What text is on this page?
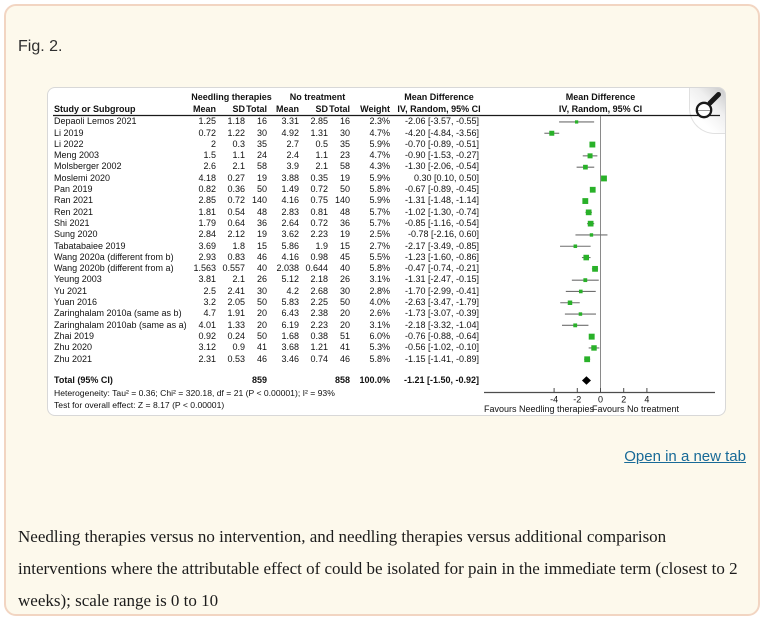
Fig. 2.
Needling therapies	No treatment	Mean Difference	Mean Difference
Study or Subgroup	Mean	SD Total Mean	SD Total	Weight IV, Random, 95% CI	IV, Random, 95% CI
Depaoli Lemos 2021	1.25	1.18	16	3.31	2.85	16	2.3%	-2.06 [-3.57, -0.55]
Li 2019	0.72	1.22	30	4.92	1.31	30	4.7%	-4.20 [-4.84, -3.56]
Li 2022	2	0.3	35	2.7	0.5	35	5.9%	-0.70 [-0.89, -0.51]
Meng 2003	1.5	1.1	24	2.4	1.1	23	4.7%	-0.90 [-1.53, -0.27]
Molsberger 2002	2.6	2.1	58	3.9	2.1	58	4.3%	-1.30 [-2.06, -0.54]
Moslemi 2020	4.18	0.27	19	3.88	0.35	19	5.9%	0.30 [0.10, 0.50]
Pan 2019	0.82	0.36	50	1.49	0.72	50	5.8%	-0.67 [-0.89, -0.45]
Ran 2021	2.85	0.72 140	4.16	0.75 140	5.9%	-1.31 [-1.48, -1.14]
Ren 2021	1.81	0.54	48	2.83	0.81	48	5.7%	-1.02 [-1.30, -0.74]
Shi 2021	1.79	0.64	36	2.64	0.72	36	5.7%	-0.85 [-1.16, -0.54]
Sung 2020	2.84	2.12	19	3.62	2.23	19	2.5%	-0.78 [-2.16, 0.60]
Tabatabaiee 2019	3.69	1.8	15	5.86	1.9	15	2.7%	-2.17 [-3.49, -0.85]
Wang 2020a (different from b)	2.93	0.83	46	4.16	0.98	45	5.5%	-1.23 [-1.60, -0.86]
Wang 2020b (different from a)	1.563 0.557	40	2.038 0.644	40	5.8%	-0.47 [-0.74, -0.21]
Yeung 2003	3.81	2.1	26	5.12	2.18	26	3.1%	-1.31 [-2.47, -0.15]
Yu 2021	2.5	2.41	30	4.2	2.68	30	2.8%	-1.70 [-2.99, -0.41]
Yuan 2016	3.2	2.05	50	5.83	2.25	50	4.0%	-2.63 [-3.47, -1.79]
Zaringhalam 2010a (same as b)	4.7	1.91	20	6.43	2.38	20	2.6%	-1.73 [-3.07, -0.39]
Zaringhalam 2010ab (same as a)	4.01	1.33	20	6.19	2.23	20	3.1%	-2.18 [-3.32, -1.04]
Zhai 2019	0.92	0.24	50	1.68	0.38	51	6.0%	-0.76 [-0.88, -0.64]
Zhu 2020	3.12	0.9	41	3.68	1.21	41	5.3%	-0.56 [-1.02, -0.10]
Zhu 2021	2.31	0.53	46	3.46	0.74	46	5.8%	-1.15 [-1.41, -0.89]
Total (95% CI)	859	858	100.0%	-1.21 [-1.50, -0.92]
Heterogeneity: Tau² = 0.36; Chi² = 320.18, df = 21 (P < 0.00001); I² = 93%
Test for overall effect: Z = 8.17 (P < 0.00001)	-4 -2 0 2 4
Favours Needling therapies
Favours No treatment
Open in a new tab

Needling therapies versus no intervention, and needling therapies versus additional comparison interventions where the attributable effect of could be isolated for pain in the immediate term (closest to 2  weeks); scale range is 0 to 10
